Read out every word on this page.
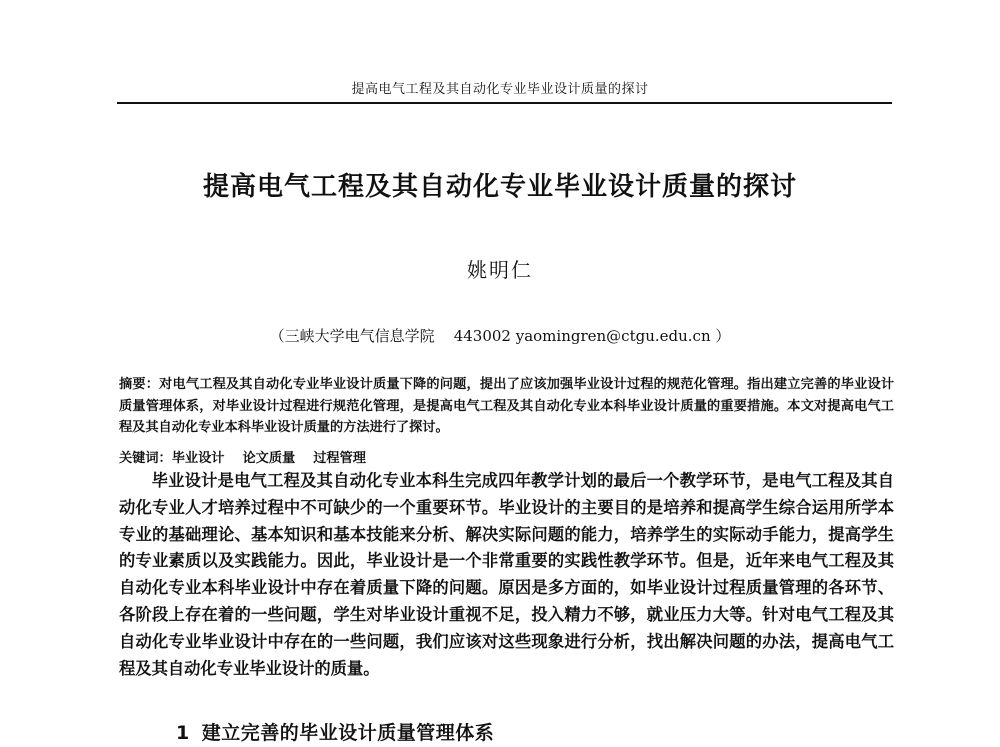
提高电气工程及其自动化专业毕业设计质量的探讨
提高电气工程及其自动化专业毕业设计质量的探讨
姚明仁
（三峡大学电气信息学院 443002 yaomingren@ctgu.edu.cn ）
摘要：对电气工程及其自动化专业毕业设计质量下降的问题，提出了应该加强毕业设计过程的规范化管理。指出建立完善的毕业设计质量管理体系，对毕业设计过程进行规范化管理，是提高电气工程及其自动化专业本科毕业设计质量的重要措施。本文对提高电气工程及其自动化专业本科毕业设计质量的方法进行了探讨。
关键词：毕业设计 论文质量 过程管理

毕业设计是电气工程及其自动化专业本科生完成四年教学计划的最后一个教学环节，是电气工程及其自动化专业人才培养过程中不可缺少的一个重要环节。毕业设计的主要目的是培养和提高学生综合运用所学本专业的基础理论、基本知识和基本技能来分析、解决实际问题的能力，培养学生的实际动手能力，提高学生的专业素质以及实践能力。因此，毕业设计是一个非常重要的实践性教学环节。但是，近年来电气工程及其自动化专业本科毕业设计中存在着质量下降的问题。原因是多方面的，如毕业设计过程质量管理的各环节、各阶段上存在着的一些问题，学生对毕业设计重视不足，投入精力不够，就业压力大等。针对电气工程及其自动化专业毕业设计中存在的一些问题，我们应该对这些现象进行分析，找出解决问题的办法，提高电气工程及其自动化专业毕业设计的质量。

1 建立完善的毕业设计质量管理体系
